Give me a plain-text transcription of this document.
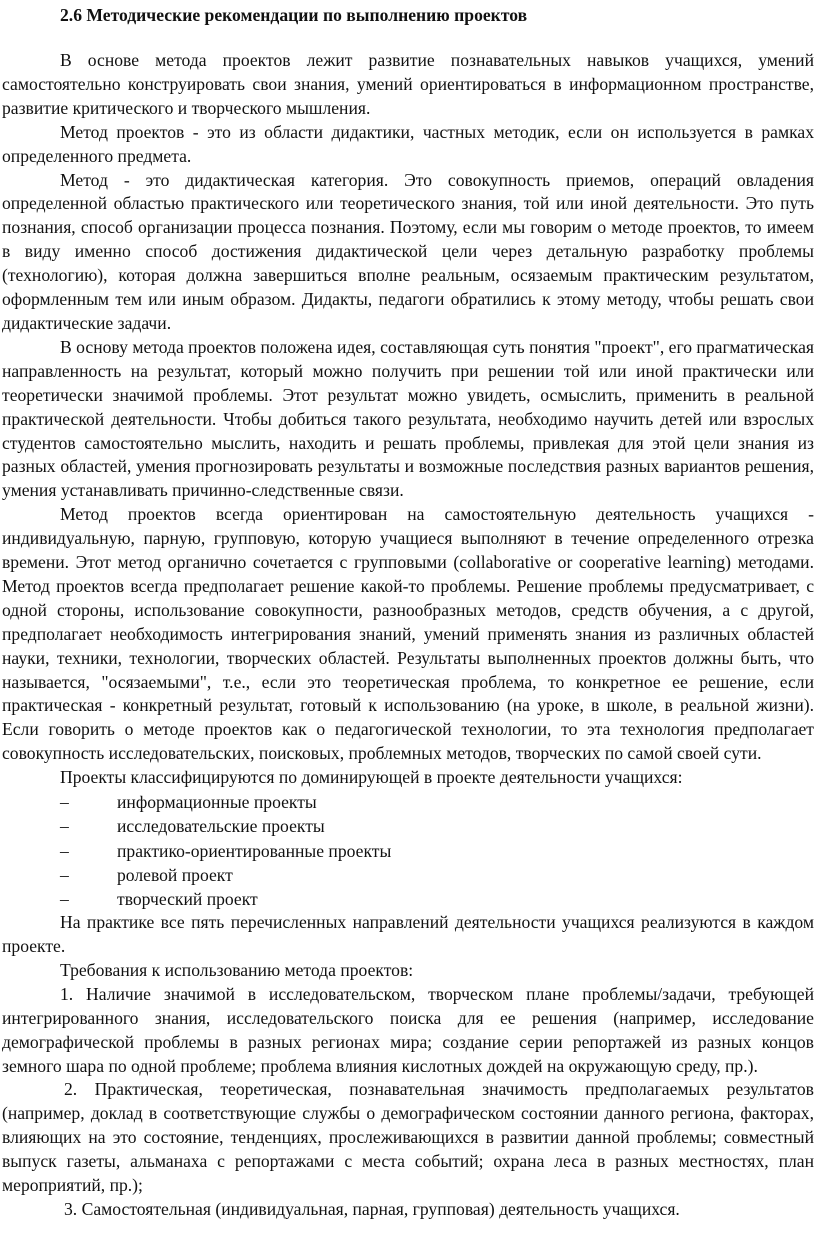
2.6 Методические рекомендации по выполнению проектов

В основе метода проектов лежит развитие познавательных навыков учащихся, умений самостоятельно конструировать свои знания, умений ориентироваться в информационном пространстве, развитие критического и творческого мышления.

Метод проектов - это из области дидактики, частных методик, если он используется в рамках определенного предмета.

Метод - это дидактическая категория. Это совокупность приемов, операций овладения определенной областью практического или теоретического знания, той или иной деятельности. Это путь познания, способ организации процесса познания. Поэтому, если мы говорим о методе проектов, то имеем в виду именно способ достижения дидактической цели через детальную разработку проблемы (технологию), которая должна завершиться вполне реальным, осязаемым практическим результатом, оформленным тем или иным образом. Дидакты, педагоги обратились к этому методу, чтобы решать свои дидактические задачи.

В основу метода проектов положена идея, составляющая суть понятия "проект", его прагматическая направленность на результат, который можно получить при решении той или иной практически или теоретически значимой проблемы. Этот результат можно увидеть, осмыслить, применить в реальной практической деятельности. Чтобы добиться такого результата, необходимо научить детей или взрослых студентов самостоятельно мыслить, находить и решать проблемы, привлекая для этой цели знания из разных областей, умения прогнозировать результаты и возможные последствия разных вариантов решения, умения устанавливать причинно-следственные связи.

Метод проектов всегда ориентирован на самостоятельную деятельность учащихся - индивидуальную, парную, групповую, которую учащиеся выполняют в течение определенного отрезка времени. Этот метод органично сочетается с групповыми (collaborative or cooperative learning) методами. Метод проектов всегда предполагает решение какой-то проблемы. Решение проблемы предусматривает, с одной стороны, использование совокупности, разнообразных методов, средств обучения, а с другой, предполагает необходимость интегрирования знаний, умений применять знания из различных областей науки, техники, технологии, творческих областей. Результаты выполненных проектов должны быть, что называется, "осязаемыми", т.е., если это теоретическая проблема, то конкретное ее решение, если практическая - конкретный результат, готовый к использованию (на уроке, в школе, в реальной жизни). Если говорить о методе проектов как о педагогической технологии, то эта технология предполагает совокупность исследовательских, поисковых, проблемных методов, творческих по самой своей сути.

Проекты классифицируются по доминирующей в проекте деятельности учащихся:

–	информационные проекты
–	исследовательские проекты
–	практико-ориентированные проекты
–	ролевой проект
–	творческий проект

На практике все пять перечисленных направлений деятельности учащихся реализуются в каждом проекте.

Требования к использованию метода проектов:

1. Наличие значимой в исследовательском, творческом плане проблемы/задачи, требующей интегрированного знания, исследовательского поиска для ее решения (например, исследование демографической проблемы в разных регионах мира; создание серии репортажей из разных концов земного шара по одной проблеме; проблема влияния кислотных дождей на окружающую среду, пр.).

2. Практическая, теоретическая, познавательная значимость предполагаемых результатов (например, доклад в соответствующие службы о демографическом состоянии данного региона, факторах, влияющих на это состояние, тенденциях, прослеживающихся в развитии данной проблемы; совместный выпуск газеты, альманаха с репортажами с места событий; охрана леса в разных местностях, план мероприятий, пр.);

3. Самостоятельная (индивидуальная, парная, групповая) деятельность учащихся.
